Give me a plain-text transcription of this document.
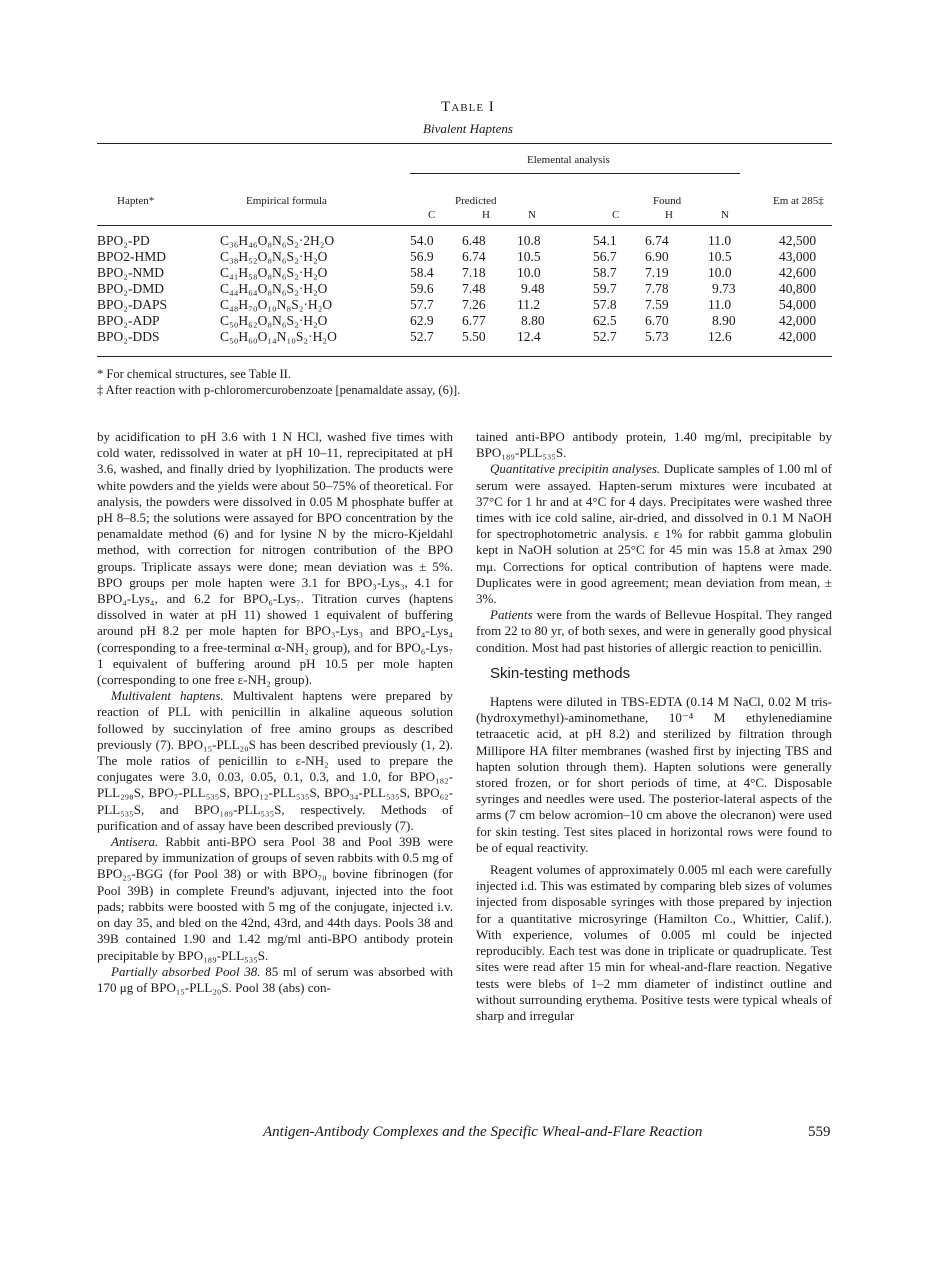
Table I
Bivalent Haptens
Elemental analysis
Hapten*	Empirical formula	Predicted	Found	Em at 285‡
C	H	N	C	H	N
BPO₂-PD	C₃₆H₄₆O₈N₆S₂·2H₂O	54.0 6.48 10.8	54.1 6.74	11.0	42,500
BPO2-HMD	C₃₈H₅₂O₈N₆S₂·H₂O	56.9 6.74 10.5	56.7 6.90	10.5	43,000
BPO₂-NMD	C₄₁H₅₈O₈N₆S₂·H₂O	58.4 7.18 10.0	58.7 7.19	10.0	42,600
BPO₂-DMD	C₄₄H₆₄O₈N₆S₂·H₂O	59.6 7.48	9.48	59.7 7.78	9.73	40,800
BPO₂-DAPS	C₄₈H₇₀O₁₀N₈S₂·H₂O	57.7 7.26 11.2	57.8 7.59	11.0	54,000
BPO₂-ADP	C₅₀H₆₂O₈N₆S₂·H₂O	62.9 6.77	8.80	62.5 6.70	8.90	42,000
BPO₂-DDS	C₅₀H₆₀O₁₄N₁₀S₂·H₂O	52.7 5.50 12.4	52.7 5.73	12.6	42,000
* For chemical structures, see Table II.
‡ After reaction with p-chloromercurobenzoate [penamaldate assay, (6)].

by acidification to pH 3.6 with 1 N HCl, washed five times with cold water, redissolved in water at pH 10–11, reprecipitated at pH 3.6, washed, and finally dried by lyophilization. The products were white powders and the yields were about 50–75% of theoretical. For analysis, the powders were dissolved in 0.05 M phosphate buffer at pH 8–8.5; the solutions were assayed for BPO concentration by the penamaldate method (6) and for lysine N by the micro-Kjeldahl method, with correction for nitrogen contribution of the BPO groups. Triplicate assays were done; mean deviation was ± 5%. BPO groups per mole hapten were 3.1 for BPO₃-Lys₃, 4.1 for BPO₄-Lys₄, and 6.2 for BPO₆-Lys₇. Titration curves (haptens dissolved in water at pH 11) showed 1 equivalent of buffering around pH 8.2 per mole hapten for BPO₃-Lys₃ and BPO₄-Lys₄ (corresponding to a free-terminal α-NH₂ group), and for BPO₆-Lys₇ 1 equivalent of buffering around pH 10.5 per mole hapten (corresponding to one free ε-NH₂ group).

Multivalent haptens. Multivalent haptens were prepared by reaction of PLL with penicillin in alkaline aqueous solution followed by succinylation of free amino groups as described previously (7). BPO₁₅-PLL₂₀S has been described previously (1, 2). The mole ratios of penicillin to ε-NH₂ used to prepare the conjugates were 3.0, 0.03, 0.05, 0.1, 0.3, and 1.0, for BPO₁₈₂-PLL₂₉₈S, BPO₇-PLL₅₃₅S, BPO₁₂-PLL₅₃₅S, BPO₃₄-PLL₅₃₅S, BPO₆₂-PLL₅₃₅S, and BPO₁₈₉-PLL₅₃₅S, respectively. Methods of purification and of assay have been described previously (7).

Antisera. Rabbit anti-BPO sera Pool 38 and Pool 39B were prepared by immunization of groups of seven rabbits with 0.5 mg of BPO₂₅-BGG (for Pool 38) or with BPO₇₀ bovine fibrinogen (for Pool 39B) in complete Freund's adjuvant, injected into the foot pads; rabbits were boosted with 5 mg of the conjugate, injected i.v. on day 35, and bled on the 42nd, 43rd, and 44th days. Pools 38 and 39B contained 1.90 and 1.42 mg/ml anti-BPO antibody protein precipitable by BPO₁₈₉-PLL₅₃₅S.

Partially absorbed Pool 38. 85 ml of serum was absorbed with 170 μg of BPO₁₅-PLL₂₀S. Pool 38 (abs) con-

tained anti-BPO antibody protein, 1.40 mg/ml, precipitable by BPO₁₈₉-PLL₅₃₅S.

Quantitative precipitin analyses. Duplicate samples of 1.00 ml of serum were assayed. Hapten-serum mixtures were incubated at 37°C for 1 hr and at 4°C for 4 days. Precipitates were washed three times with ice cold saline, air-dried, and dissolved in 0.1 M NaOH for spectrophotometric analysis. ε 1% for rabbit gamma globulin kept in NaOH solution at 25°C for 45 min was 15.8 at λmax 290 mμ. Corrections for optical contribution of haptens were made. Duplicates were in good agreement; mean deviation from mean, ± 3%.

Patients were from the wards of Bellevue Hospital. They ranged from 22 to 80 yr, of both sexes, and were in generally good physical condition. Most had past histories of allergic reaction to penicillin.

Skin-testing methods

Haptens were diluted in TBS-EDTA (0.14 M NaCl, 0.02 M tris-(hydroxymethyl)-aminomethane, 10⁻⁴ M ethylenediamine tetraacetic acid, at pH 8.2) and sterilized by filtration through Millipore HA filter membranes (washed first by injecting TBS and hapten solution through them). Hapten solutions were generally stored frozen, or for short periods of time, at 4°C. Disposable syringes and needles were used. The posterior-lateral aspects of the arms (7 cm below acromion–10 cm above the olecranon) were used for skin testing. Test sites placed in horizontal rows were found to be of equal reactivity.

Reagent volumes of approximately 0.005 ml each were carefully injected i.d. This was estimated by comparing bleb sizes of volumes injected from disposable syringes with those prepared by injection for a quantitative microsyringe (Hamilton Co., Whittier, Calif.). With experience, volumes of 0.005 ml could be injected reproducibly. Each test was done in triplicate or quadruplicate. Test sites were read after 15 min for wheal-and-flare reaction. Negative tests were blebs of 1–2 mm diameter of indistinct outline and without surrounding erythema. Positive tests were typical wheals of sharp and irregular

Antigen-Antibody Complexes and the Specific Wheal-and-Flare Reaction	559
